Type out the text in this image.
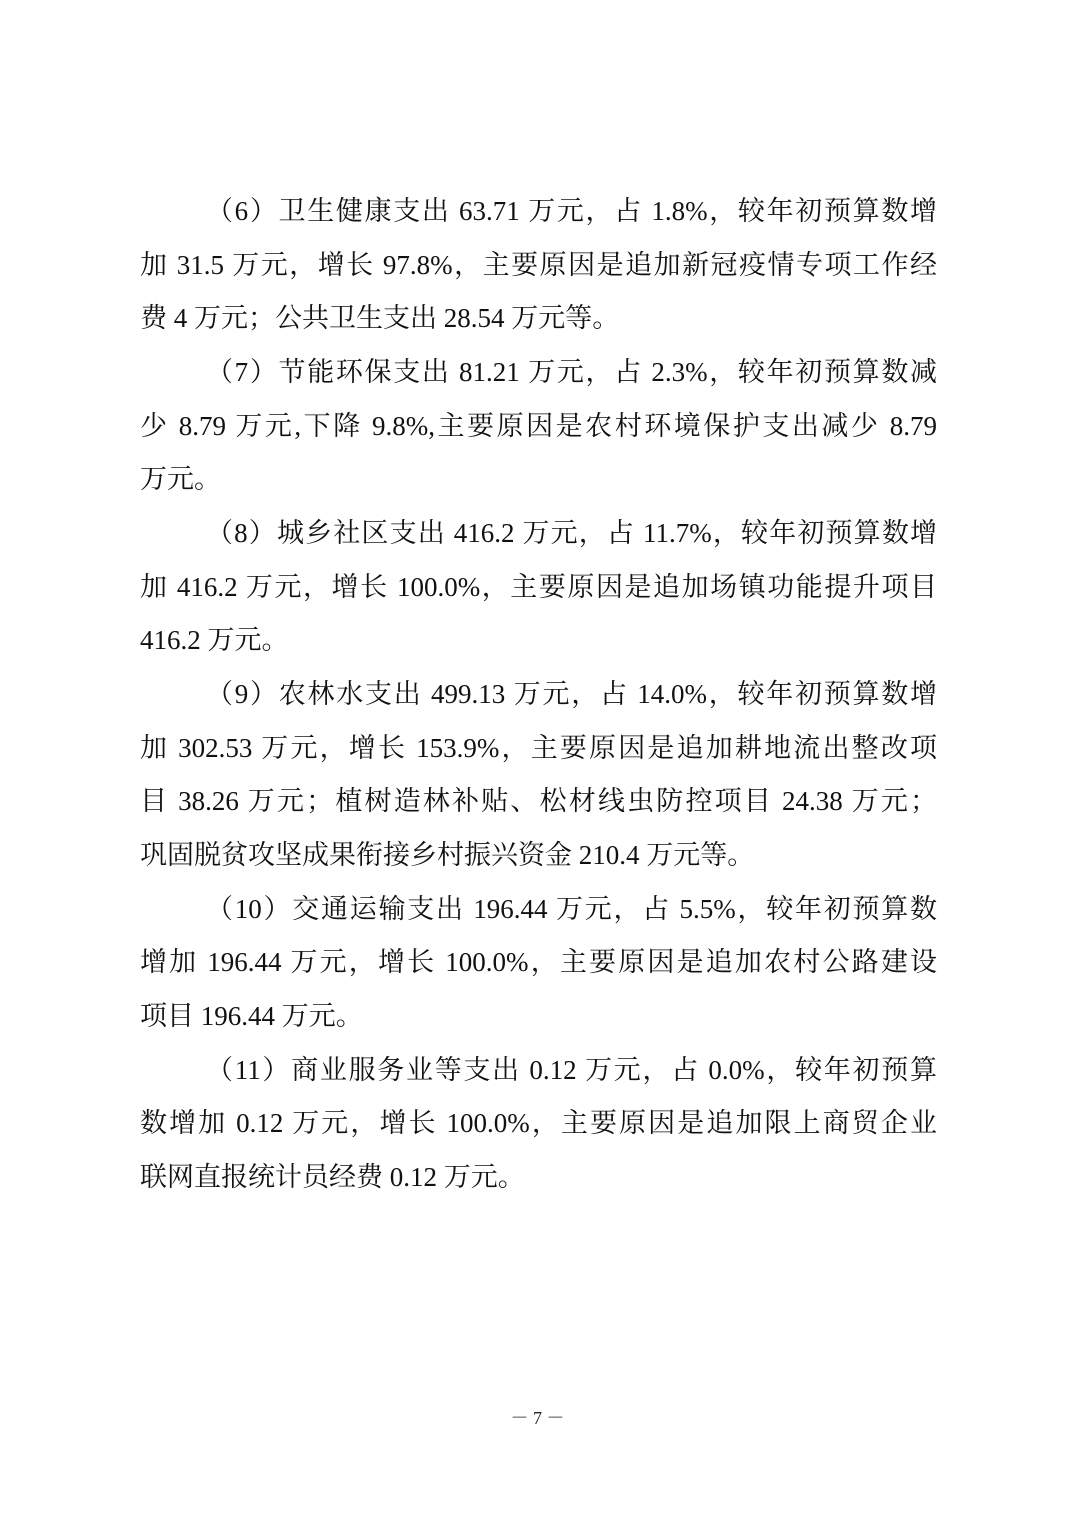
（6）卫生健康支出 63.71 万元，占 1.8%，较年初预算数增
加 31.5 万元，增长 97.8%，主要原因是追加新冠疫情专项工作经
费 4 万元；公共卫生支出 28.54 万元等。
（7）节能环保支出 81.21 万元，占 2.3%，较年初预算数减
少 8.79 万元,下降 9.8%,主要原因是农村环境保护支出减少 8.79
万元。
（8）城乡社区支出 416.2 万元，占 11.7%，较年初预算数增
加 416.2 万元，增长 100.0%，主要原因是追加场镇功能提升项目
416.2 万元。
（9）农林水支出 499.13 万元，占 14.0%，较年初预算数增
加 302.53 万元，增长 153.9%，主要原因是追加耕地流出整改项
目 38.26 万元；植树造林补贴、松材线虫防控项目 24.38 万元；
巩固脱贫攻坚成果衔接乡村振兴资金 210.4 万元等。
（10）交通运输支出 196.44 万元，占 5.5%，较年初预算数
增加 196.44 万元，增长 100.0%，主要原因是追加农村公路建设
项目 196.44 万元。
（11）商业服务业等支出 0.12 万元，占 0.0%，较年初预算
数增加 0.12 万元，增长 100.0%，主要原因是追加限上商贸企业
联网直报统计员经费 0.12 万元。
－ 7 －
